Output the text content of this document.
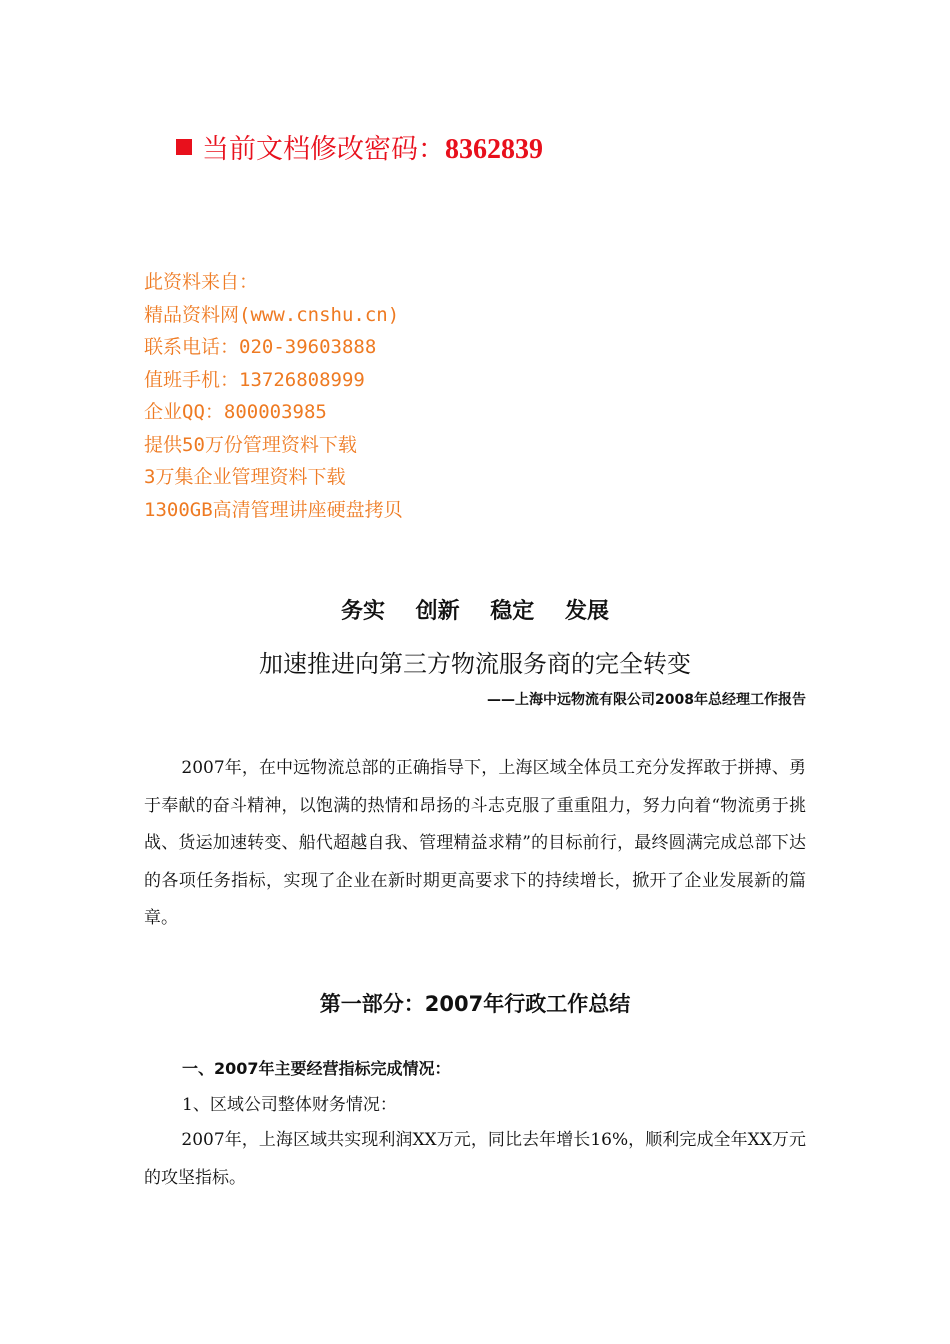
当前文档修改密码：8362839
此资料来自：
精品资料网(www.cnshu.cn)
联系电话：020-39603888
值班手机：13726808999
企业QQ：800003985
提供50万份管理资料下载
3万集企业管理资料下载
1300GB高清管理讲座硬盘拷贝
务实    创新    稳定    发展
加速推进向第三方物流服务商的完全转变
——上海中远物流有限公司2008年总经理工作报告

2007年，在中远物流总部的正确指导下，上海区域全体员工充分发挥敢于拼搏、勇于奉献的奋斗精神，以饱满的热情和昂扬的斗志克服了重重阻力，努力向着“物流勇于挑战、货运加速转变、船代超越自我、管理精益求精”的目标前行，最终圆满完成总部下达的各项任务指标，实现了企业在新时期更高要求下的持续增长，掀开了企业发展新的篇章。

第一部分：2007年行政工作总结
一、2007年主要经营指标完成情况：
1、区域公司整体财务情况：

2007年，上海区域共实现利润XX万元，同比去年增长16%，顺利完成全年XX万元的攻坚指标。
